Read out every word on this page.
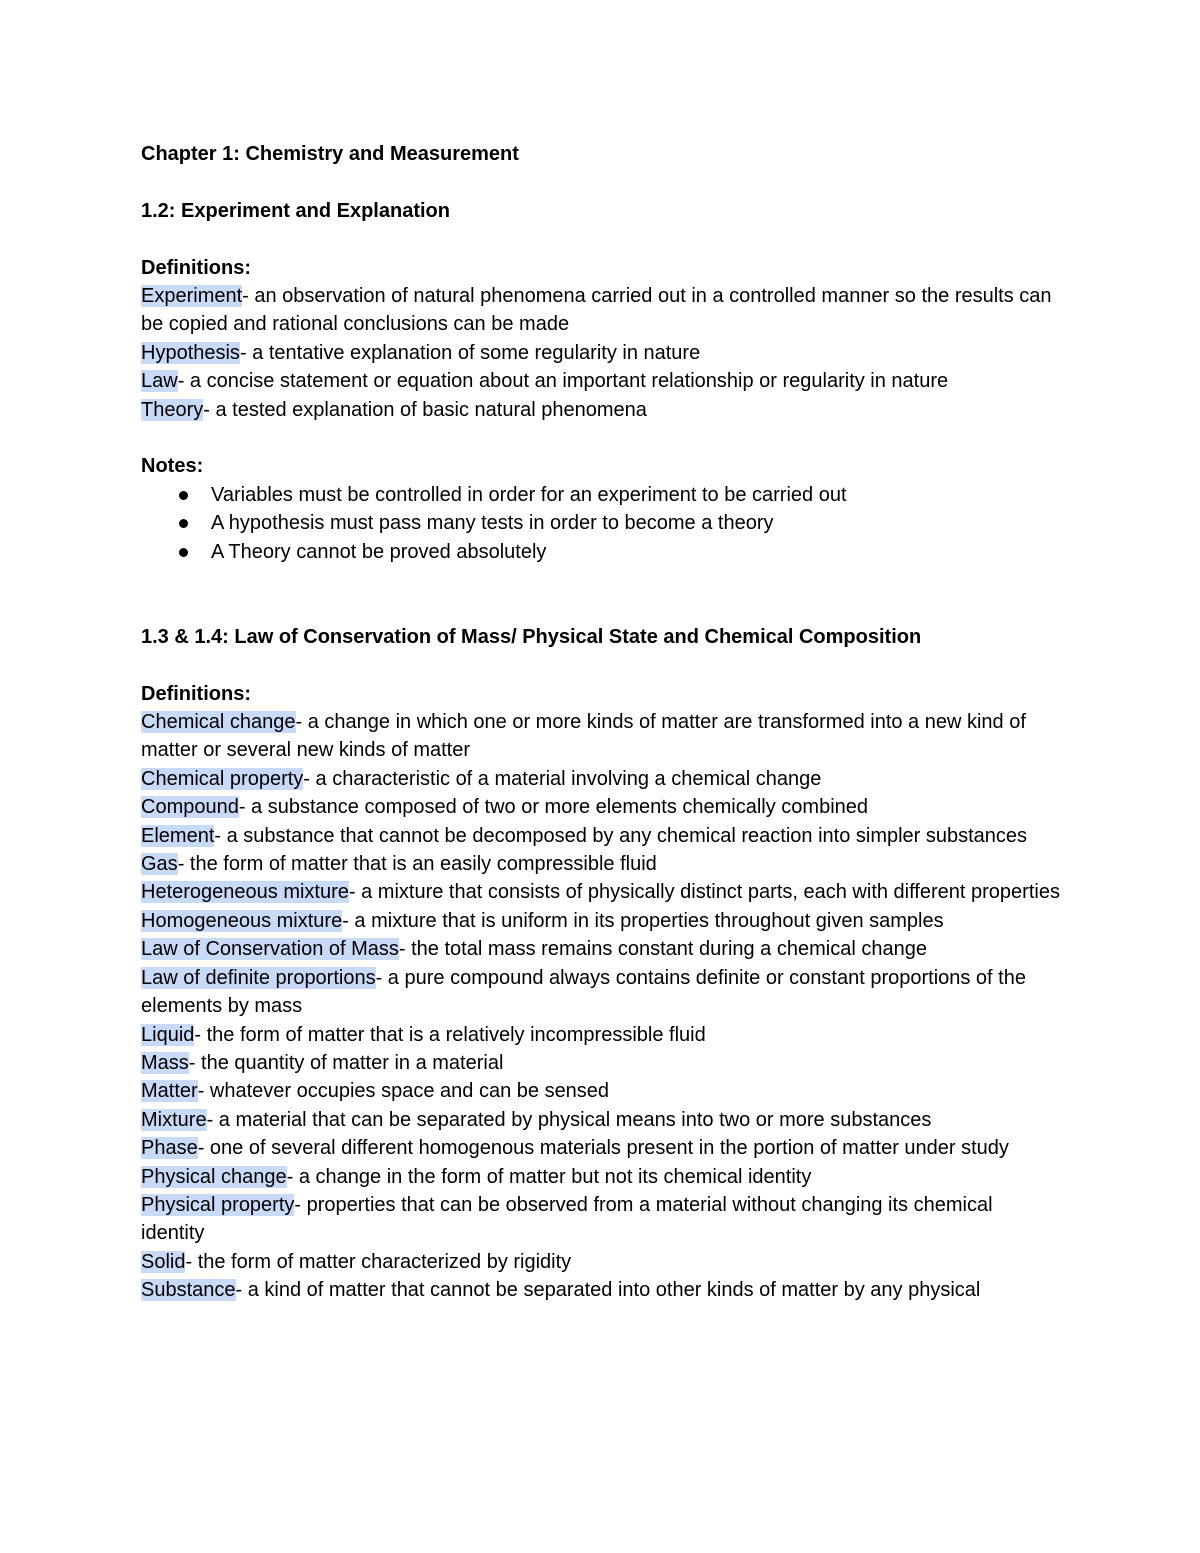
Chapter 1: Chemistry and Measurement

1.2: Experiment and Explanation

Definitions:

Experiment- an observation of natural phenomena carried out in a controlled manner so the results can be copied and rational conclusions can be made

Hypothesis- a tentative explanation of some regularity in nature

Law- a concise statement or equation about an important relationship or regularity in nature

Theory- a tested explanation of basic natural phenomena

Notes:

Variables must be controlled in order for an experiment to be carried out
A hypothesis must pass many tests in order to become a theory
A Theory cannot be proved absolutely

1.3 & 1.4: Law of Conservation of Mass/ Physical State and Chemical Composition

Definitions:

Chemical change- a change in which one or more kinds of matter are transformed into a new kind of matter or several new kinds of matter

Chemical property- a characteristic of a material involving a chemical change

Compound- a substance composed of two or more elements chemically combined

Element- a substance that cannot be decomposed by any chemical reaction into simpler substances

Gas- the form of matter that is an easily compressible fluid

Heterogeneous mixture- a mixture that consists of physically distinct parts, each with different properties

Homogeneous mixture- a mixture that is uniform in its properties throughout given samples

Law of Conservation of Mass- the total mass remains constant during a chemical change

Law of definite proportions- a pure compound always contains definite or constant proportions of the elements by mass

Liquid- the form of matter that is a relatively incompressible fluid

Mass- the quantity of matter in a material

Matter- whatever occupies space and can be sensed

Mixture- a material that can be separated by physical means into two or more substances

Phase- one of several different homogenous materials present in the portion of matter under study

Physical change- a change in the form of matter but not its chemical identity

Physical property- properties that can be observed from a material without changing its chemical identity

Solid- the form of matter characterized by rigidity

Substance- a kind of matter that cannot be separated into other kinds of matter by any physical
